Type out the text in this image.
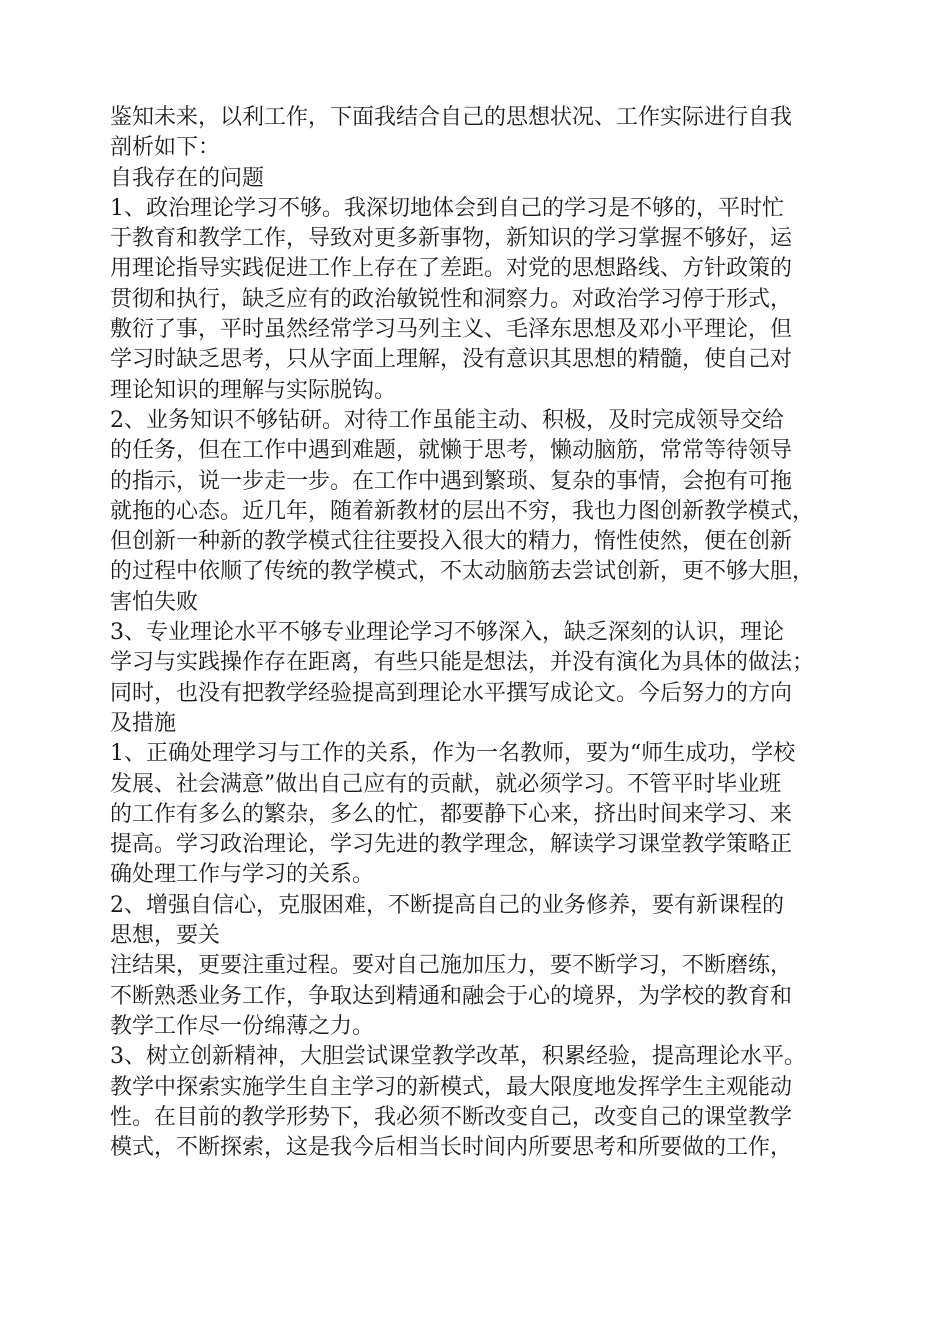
鉴知未来，以利工作，下面我结合自己的思想状况、工作实际进行自我
剖析如下：
自我存在的问题
1、政治理论学习不够。我深切地体会到自己的学习是不够的，平时忙
于教育和教学工作，导致对更多新事物，新知识的学习掌握不够好，运
用理论指导实践促进工作上存在了差距。对党的思想路线、方针政策的
贯彻和执行，缺乏应有的政治敏锐性和洞察力。对政治学习停于形式，
敷衍了事，平时虽然经常学习马列主义、毛泽东思想及邓小平理论，但
学习时缺乏思考，只从字面上理解，没有意识其思想的精髓，使自己对
理论知识的理解与实际脱钩。
2、业务知识不够钻研。对待工作虽能主动、积极，及时完成领导交给
的任务，但在工作中遇到难题，就懒于思考，懒动脑筋，常常等待领导
的指示，说一步走一步。在工作中遇到繁琐、复杂的事情，会抱有可拖
就拖的心态。近几年，随着新教材的层出不穷，我也力图创新教学模式，
但创新一种新的教学模式往往要投入很大的精力，惰性使然，便在创新
的过程中依顺了传统的教学模式，不太动脑筋去尝试创新，更不够大胆，
害怕失败
3、专业理论水平不够专业理论学习不够深入，缺乏深刻的认识，理论
学习与实践操作存在距离，有些只能是想法，并没有演化为具体的做法；
同时，也没有把教学经验提高到理论水平撰写成论文。今后努力的方向
及措施
1、正确处理学习与工作的关系，作为一名教师，要为“师生成功，学校
发展、社会满意”做出自己应有的贡献，就必须学习。不管平时毕业班
的工作有多么的繁杂，多么的忙，都要静下心来，挤出时间来学习、来
提高。学习政治理论，学习先进的教学理念，解读学习课堂教学策略正
确处理工作与学习的关系。
2、增强自信心，克服困难，不断提高自己的业务修养，要有新课程的
思想，要关
注结果，更要注重过程。要对自己施加压力，要不断学习，不断磨练，
不断熟悉业务工作，争取达到精通和融会于心的境界，为学校的教育和
教学工作尽一份绵薄之力。
3、树立创新精神，大胆尝试课堂教学改革，积累经验，提高理论水平。
教学中探索实施学生自主学习的新模式，最大限度地发挥学生主观能动
性。在目前的教学形势下，我必须不断改变自己，改变自己的课堂教学
模式，不断探索，这是我今后相当长时间内所要思考和所要做的工作，
